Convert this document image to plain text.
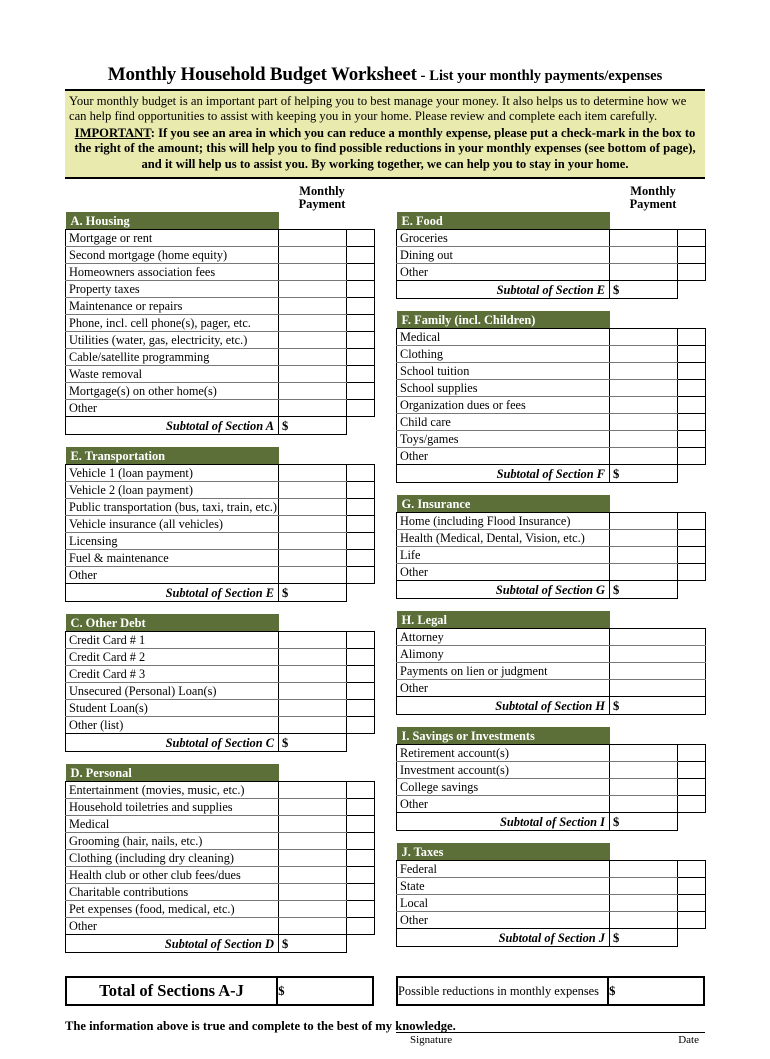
Monthly Household Budget Worksheet - List your monthly payments/expenses

Your monthly budget is an important part of helping you to best manage your money. It also helps us to determine how we can help find opportunities to assist with keeping you in your home. Please review and complete each item carefully.

IMPORTANT: If you see an area in which you can reduce a monthly expense, please put a check-mark in the box to the right of the amount; this will help you to find possible reductions in your monthly expenses (see bottom of page), and it will help us to assist you. By working together, we can help you to stay in your home.

Monthly
Payment
A. Housing		
Mortgage or rent		
Second mortgage (home equity)		
Homeowners association fees		
Property taxes		
Maintenance or repairs		
Phone, incl. cell phone(s), pager, etc.		
Utilities (water, gas, electricity, etc.)		
Cable/satellite programming		
Waste removal		
Mortgage(s) on other home(s)		
Other		
Subtotal of Section A	$	
E. Transportation		
Vehicle 1 (loan payment)		
Vehicle 2 (loan payment)		
Public transportation (bus, taxi, train, etc.)		
Vehicle insurance (all vehicles)		
Licensing		
Fuel & maintenance		
Other		
Subtotal of Section E	$	
C. Other Debt		
Credit Card # 1		
Credit Card # 2		
Credit Card # 3		
Unsecured (Personal) Loan(s)		
Student Loan(s)		
Other (list)		
Subtotal of Section C	$	
D. Personal		
Entertainment (movies, music, etc.)		
Household toiletries and supplies		
Medical		
Grooming (hair, nails, etc.)		
Clothing (including dry cleaning)		
Health club or other club fees/dues		
Charitable contributions		
Pet expenses (food, medical, etc.)		
Other		
Subtotal of Section D	$	
Monthly
Payment
E. Food		
Groceries		
Dining out		
Other		
Subtotal of Section E	$	
F. Family (incl. Children)		
Medical		
Clothing		
School tuition		
School supplies		
Organization dues or fees		
Child care		
Toys/games		
Other		
Subtotal of Section F	$	
G. Insurance		
Home (including Flood Insurance)		
Health (Medical, Dental, Vision, etc.)		
Life		
Other		
Subtotal of Section G	$	
H. Legal	
Attorney	
Alimony	
Payments on lien or judgment	
Other	
Subtotal of Section H	$
I. Savings or Investments		
Retirement account(s)		
Investment account(s)		
College savings		
Other		
Subtotal of Section I	$	
J. Taxes		
Federal		
State		
Local		
Other		
Subtotal of Section J	$	
Total of Sections A-J	$	Possible reductions in monthly expenses	$
The information above is true and complete to the best of my knowledge.
Signature	Date
